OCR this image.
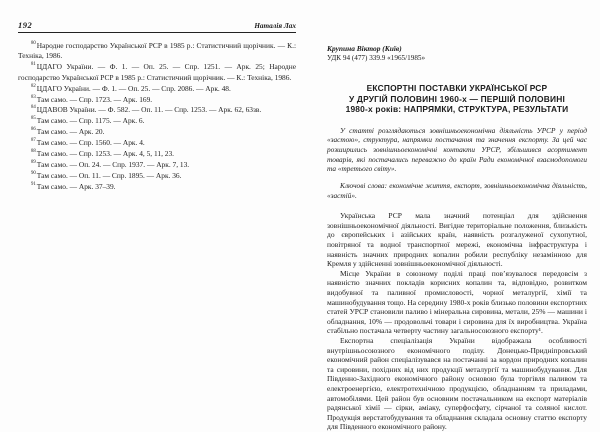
192	Наталія Лах

$^{80}$Народне господарство Української РСР в 1985 р.: Статистичний щорічник. — К.: Техніка, 1986.

$^{81}$ЦДАГО України. — Ф. 1. — Оп. 25. — Спр. 1251. — Арк. 25; Народне господарство Української РСР в 1985 р.: Статистичний щорічник. — К.: Техніка, 1986.

$^{82}$ЦДАГО України. — Ф. 1. — Оп. 25. — Спр. 2086. — Арк. 48.

$^{83}$Там само. — Спр. 1723. — Арк. 169.

$^{84}$ЦДАВОВ України. — Ф. 582. — Оп. 11. — Спр. 1253. — Арк. 62, 63зв.

$^{85}$Там само. — Спр. 1175. — Арк. 6.

$^{86}$Там само. — Арк. 20.

$^{87}$Там само. — Спр. 1560. — Арк. 4.

$^{88}$Там само. — Спр. 1253. — Арк. 4, 5, 11, 23.

$^{89}$Там само. — Оп. 24. — Спр. 1937. — Арк. 7, 13.

$^{90}$Там само. — Оп. 11. — Спр. 1895. — Арк. 36.

$^{91}$Там само. — Арк. 37–39.

Крупина Віктор (Київ)
УДК 94 (477) 339.9 «1965/1985»
ЕКСПОРТНІ ПОСТАВКИ УКРАЇНСЬКОЇ РСР
У ДРУГІЙ ПОЛОВИНІ 1960-х — ПЕРШІЙ ПОЛОВИНІ
1980-х років: НАПРЯМКИ, СТРУКТУРА, РЕЗУЛЬТАТИ

У статті розглядаються зовнішньоекономічна діяльність УРСР у період «застою», структура, напрямки постачання та значення експорту. За цей час розширились зовнішньоекономічні контакти УРСР, збільшився асортимент товарів, які постачались переважно до країн Ради економічної взаємодопомоги та «третього світу».

Ключові слова: економічне життя, експорт, зовнішньоекономічна діяльність, «застій».

Українська РСР мала значний потенціал для здійснення зовнішньоекономічної діяльності. Вигідне територіальне положення, близькість до європейських і азійських країн, наявність розгалуженої сухопутної, повітряної та водної транспортної мережі, економічна інфраструктура і наявність значних природних копалин робили республіку незамінною для Кремля у здійсненні зовнішньоекономічної діяльності.

Місце України в союзному поділі праці пов’язувалося передовсім з наявністю значних покладів корисних копалин та, відповідно, розвитком видобувної та паливної промисловості, чорної металургії, хімії та машинобудування тощо. На середину 1980-х років близько половини експортних статей УРСР становили паливо і мінеральна сировина, метали, 25% — машини і обладнання, 10% — продовольчі товари і сировина для їх виробництва. Україна стабільно постачала четверту частину загальносоюзного експорту¹.

Експортна спеціалізація України відображала особливості внутрішньосоюзного економічного поділу. Донецько-Придніпровський економічний район спеціалізувався на постачанні за кордон природних копалин та сировини, похідних від них продукції металургії та машинобудування. Для Південно-Західного економічного району основою була торгівля паливом та електроенергією, електротехнічною продукцією, обладнанням та приладами, автомобілями. Цей район був основним постачальником на експорт матеріалів радянської хімії — сірки, аміаку, суперфосфату, сірчаної та соляної кислот. Продукція верстатобудування та обладнання складала основну статтю експорту для Південного економічного району.
